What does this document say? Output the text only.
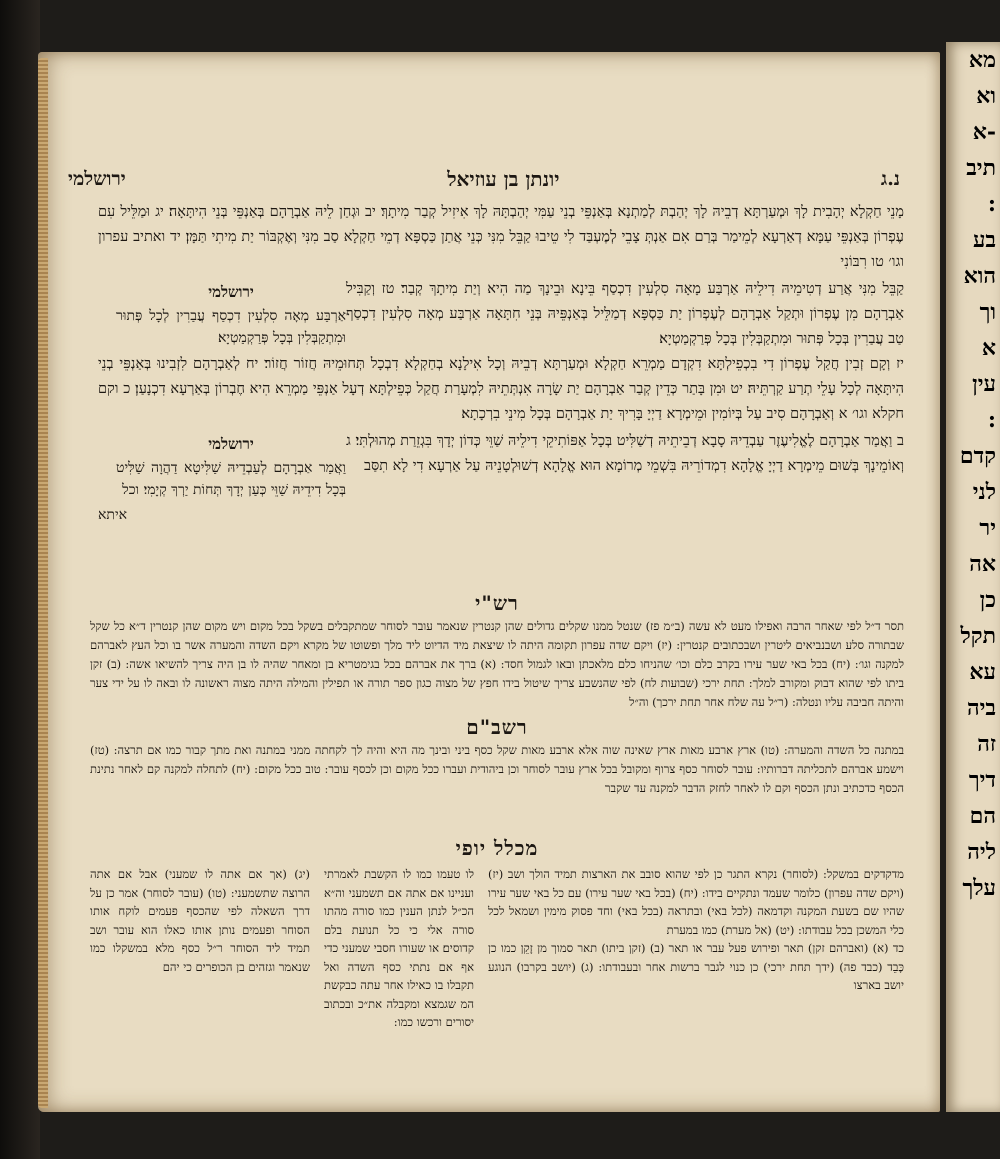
נ.ג
יונתן בן עוזיאל
ירושלמי

מָנֵי חַקְלָא יְהָבִית לָךְ וּמְעַרְתָּא דְבֵיהּ לָךְ יְהַבְתּ לְמַתְנָא בְּאַנְפֵּי בְנֵי עַמִּי יְהַבְתָּהּ לָךְ אִיזִיל קְבַר מִיתָךְ׃ יב וּגְחַן לֵיהּ אַבְרָהָם בְּאַנְפֵּי בְּנֵי הִיתָּאָה׃ יג וּמַלֵּיל עִם עֶפְרוֹן בְּאַנְפֵּי עַמָּא דְאַרְעָא לְמֵימַר בְּרַם אִם אַנְתְּ צָבֵי לְמֶעְבַּד לִי טֵיבוּ קַבֵּל מִנִּי כְּנֵי אֲתַן כַּסְפָּא דְמֵי חַקְלָא סַב מִנִּי וְאֶקְבּוֹר יַת מִיתִי תַּמָּן׃ יד ואתיב עפרון וגו׳ טו רִבּוֹנִי

קַבֵּל מִנִּי אֲרַע דְטִימֵיהּ דִילֵיהּ אַרְבַּע מָאָה סִלְעִין דִכְסַף בֵּינָא וּבֵינָךְ מַה הִיא וְיַת מִיתָךְ קְבַר׃ טז וְקַבִּיל אַבְרָהָם מִן עֶפְרוֹן וּתְקַל אַבְרָהָם לְעֶפְרוֹן יַת כַּסְפָּא דְמַלֵּיל בְּאַנְפֵּיהּ בְּנֵי חִתָּאָה אַרְבַּע מְאָה סִלְעִין דִכְסַף טַב עֲבַרִין בְּכָל פְּתוּר וּמִתְקַבְּלִין בְּכָל פְּרַקְמַטְיָא׃
ירושלמי
אַרְבַּע מְאָה סִלְעִין דִכְסַף עֲבַרִין לְכָל פְּתוּר וּמִתְקַבְּלִין בְּכָל פְּרַקְמַטְיָא׃

יז וְקָם זְבִין חֲקַל עֶפְרוֹן דִי בִכְפֵילְתָּא דִקְדָם מַמְרֵא חַקְלָא וּמְעַרְתָּא דְבֵיהּ וְכָל אִילָנָא בְחַקְלָא דִבְכָל תְּחוּמֵיהּ חֲזוֹר חֲזוֹר׃ יח לְאַבְרָהָם לִזְבִינוּ בְּאַנְפֵּי בְנֵי הִיתָּאָה לְכָל עָלֵי תְרַע קַרְתֵּיהּ׃ יט וּמִן בָּתַר כְּדֵין קְבַר אַבְרָהָם יַת שָׂרָה אִנְתְּתֵיהּ לִמְעָרַת חֲקַל כְּפֵילְתָּא דְעָל אַנְפֵּי מַמְרֵא הִיא חֶבְרוֹן בְּאַרְעָא דִכְנָעַן׃ כ וקם חקלא וגו׳ א וְאַבְרָהָם סִיב עַל בְּיוֹמִין וּמֵימְרָא דַיְיָ בָּרִיךְ יַת אַבְרָהָם בְּכָל מִינֵי בִרְכָתָא׃

ב וַאֲמַר אַבְרָהָם לֶאֱלִיעֶזֶר עַבְדֵיהּ סָבָא דְבֵיתֵיהּ דְשַׁלִּיט בְּכָל אַפּוֹתִיקֵי דִילֵיהּ שַׁוֵּי כְּדוֹן יְדָךְ בִּגְזֵרַת מְהוּלְתִּי׃ ג וְאוֹמֵינָךְ בְּשׁוּם מֵימְרָא דַיְיָ אֱלָהָא דִמְדוֹרֵיהּ בִּשְׁמֵי מְרוֹמָא הוּא אֱלָהָא דְשׁוּלְטָנֵיהּ עַל אַרְעָא דִי לָא תִסַּב
ירושלמי
וַאֲמַר אַבְרָהָם לְעַבְדֵיהּ שַׁלִּיטָא דַהֲוָה שַׁלִּיט בְּכָל דִידֵיהּ שַׁוֵּי כְּעַן יְדָךְ תְּחוֹת יַרְךְ קְיָמִי׃ וכל
איתא
רש"י
תסר ד״ל לפי שאחר הרבה ואפילו מעט לא עשה (ב״מ פז) שנטל ממנו שקלים גדולים שהן קנטרין שנאמר עובר לסוחר שמתקבלים בשקל בכל מקום ויש מקום שהן קנטרין ד״א כל שקל שבתורה סלע ושבנביאים ליטרין ושבכתובים קנטרין: (יז) ויקם שדה עפרון תקומה היתה לו שיצאת מיד הדיוט ליד מלך ופשוטו של מקרא ויקם השדה והמערה אשר בו וכל העץ לאברהם למקנה וגו׳: (יח) בכל באי שער עירו בקרב כלם וכו׳ שהניחו כלם מלאכתן ובאו לגמול חסד: (א) ברך את אברהם בכל בגימטריא בן ומאחר שהיה לו בן היה צריך להשיאו אשה: (ב) זקן ביתו לפי שהוא דבוק ומקורב למלך: תחת ירכי (שבועות לח) לפי שהנשבע צריך שיטול בידו חפץ של מצוה כגון ספר תורה או תפילין והמילה היתה מצוה ראשונה לו ובאה לו על ידי צער והיתה חביבה עליו ונטלה: (ר״ל עה שלח אחר תחת ירכך) וה״ל
רשב"ם
במתנה כל השדה והמערה: (טו) ארץ ארבע מאות ארץ שאינה שוה אלא ארבע מאות שקל כסף ביני ובינך מה היא והיה לך לקחתה ממני במתנה ואת מתך קבור כמו אם תרצה: (טז) וישמע אברהם לתכליתה דברותיו: עובר לסוחר כסף צרוף ומקובל בכל ארץ עובר לסוחר וכן ביהודית ועברו ככל מקום וכן לכסף עובר: טוב ככל מקום: (יח) לתחלה למקנה קם לאחר נתינת הכסף כדכתיב ונתן הכסף וקם לו לאחר לחזק הדבר למקנה עד שקבר
מכלל יופי
מדקדקים במשקל: (לסוחר) נקרא התגר כן לפי שהוא סובב את הארצות תמיד הולך ושב (יז) (ויקם שדה עפרון) כלומר שעמד ונתקיים בידו: (יח) (בכל באי שער עירו) עם כל באי שער עירו שהיו שם בשעת המקנה וקדמאה (לכל באי) ובתראה (בכל באי) וחד פסוק מימין ושמאל לכל כלי המשכן בכל עבודתו: (יט) (אל מערת) כמו במערת
כד (א) (ואברהם זקן) תאר ופירוש פעל עבר או תאר (ב) (זקן ביתו) תאר סמוך מן זָקֵן כמו כן כָּבֵד (כבד פה) (ידך תחת ירכי) כן כנוי לגבר ברשות אחר ובעבודתו: (ג) (יושב בקרבו) הנוגע יושב בארצו
לו טעמו כמו לו הקשבת לאמרתי ועניינו אם אתה אם תשמעני וה״א הכ״ל לנתן הענין כמו סורה מהתו סורה אלי כי כל תנועת בלם קדוסים׃ או שעורו חסבי שמעני כדי אף אם נתתי כסף השדה ואל תקבלו בו כאילו אחר עתה כבקשת המ שגמצא ומקבלה את״כ ובכתוב יסורים ורכשו כמו:
(יג) (אך אם אתה לו שמעני) אבל אם אתה הרוצה שתשמעני: (טו) (עובר לסוחר) אמר כן על דרך השאלה לפי שהכסף פעמים לוקח אותו הסוחר ופעמים נותן אותו כאלו הוא עובר ושב תמיד ליד הסוחר ר״ל כסף מלא במשקלו כמו שנאמר וגזהים בן הכופרים כי יהם
מא
וא
-א
תיב
:
בע
הוא
וך
א
עין
:
קדם
לני
יר
אה
כן
תקל
עא
ביה
זה
דיך
הם
ליה
עלך
